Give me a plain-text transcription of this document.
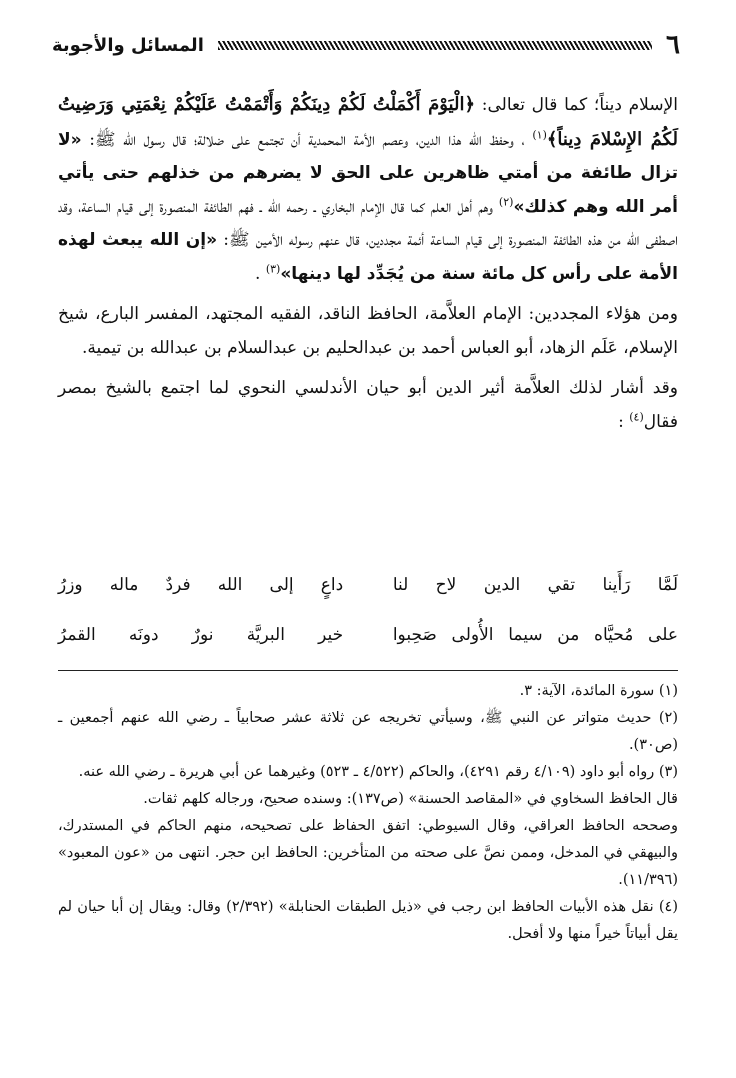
٦
المسائل والأجوبة

الإسلام ديناً؛ كما قال تعالى: ﴿الْيَوْمَ أَكْمَلْتُ لَكُمْ دِينَكُمْ وَأَتْمَمْتُ عَلَيْكُمْ نِعْمَتِي وَرَضِيتُ لَكُمُ الإِسْلامَ دِيناً﴾$^{(١)}$ ، وحفظ الله هذا الدين، وعصم الأمة المحمدية أن تجتمع على ضلالة؛ قال رسول الله ﷺ: «لا تزال طائفة من أمتي ظاهرين على الحق لا يضرهم من خذلهم حتى يأتي أمر الله وهم كذلك»$^{(٢)}$ وهم أهل العلم كما قال الإمام البخاري ـ رحمه الله ـ فهم الطائفة المنصورة إلى قيام الساعة، وقد اصطفى الله من هذه الطائفة المنصورة إلى قيام الساعة أئمة مجددين، قال عنهم رسوله الأمين ﷺ: «إن الله يبعث لهذه الأمة على رأس كل مائة سنة من يُجَدِّد لها دينها»$^{(٣)}$ .

ومن هؤلاء المجددين: الإمام العلاَّمة، الحافظ الناقد، الفقيه المجتهد، المفسر البارع، شيخ الإسلام، عَلَم الزهاد، أبو العباس أحمد بن عبدالحليم بن عبدالسلام بن عبدالله بن تيمية.

وقد أشار لذلك العلاَّمة أثير الدين أبو حيان الأندلسي النحوي لما اجتمع بالشيخ بمصر فقال$^{(٤)}$ :

لَمَّا رَأَينا تقي الدين لاح لنا
داعٍ إلى الله فردٌ ماله وزرُ
على مُحيَّاه من سيما الأُولى صَحِبوا
خير البريَّة نورٌ دونَه القمرُ

(١) سورة المائدة، الآية: ٣.

(٢) حديث متواتر عن النبي ﷺ، وسيأتي تخريجه عن ثلاثة عشر صحابياً ـ رضي الله عنهم أجمعين ـ (ص٣٠).

(٣) رواه أبو داود (٤/١٠٩ رقم ٤٢٩١)، والحاكم (٤/٥٢٢ ـ ٥٢٣) وغيرهما عن أبي هريرة ـ رضي الله عنه.

قال الحافظ السخاوي في «المقاصد الحسنة» (ص١٣٧): وسنده صحيح، ورجاله كلهم ثقات.

وصححه الحافظ العراقي، وقال السيوطي: اتفق الحفاظ على تصحيحه، منهم الحاكم في المستدرك، والبيهقي في المدخل، وممن نصَّ على صحته من المتأخرين: الحافظ ابن حجر. انتهى من «عون المعبود» (١١/٣٩٦).

(٤) نقل هذه الأبيات الحافظ ابن رجب في «ذيل الطبقات الحنابلة» (٢/٣٩٢) وقال: ويقال إن أبا حيان لم يقل أبياتاً خيراً منها ولا أفحل.
